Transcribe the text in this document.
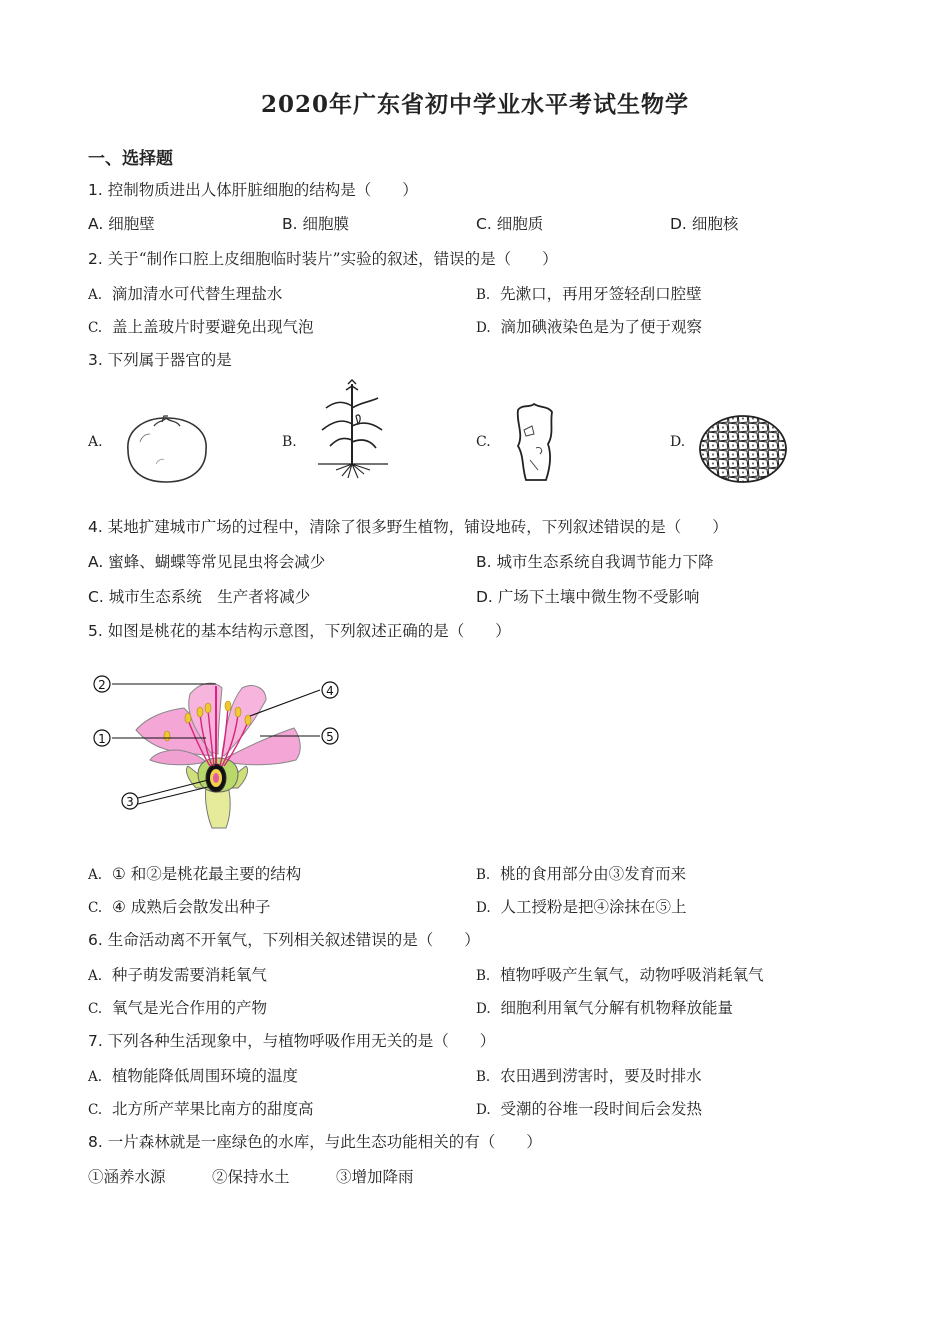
2020年广东省初中学业水平考试生物学
一、选择题
1. 控制物质进出人体肝脏细胞的结构是（　　）
A. 细胞壁	B. 细胞膜	C. 细胞质	D. 细胞核
2. 关于“制作口腔上皮细胞临时装片”实验的叙述，错误的是（　　）
A. 滴加清水可代替生理盐水	B. 先漱口，再用牙签轻刮口腔壁
C. 盖上盖玻片时要避免出现气泡	D. 滴加碘液染色是为了便于观察
3. 下列属于器官的是
A.	B.	C.	D.
4. 某地扩建城市广场的过程中，清除了很多野生植物，铺设地砖，下列叙述错误的是（　　）
A. 蜜蜂、蝴蝶等常见昆虫将会减少	B. 城市生态系统自我调节能力下降
C. 城市生态系统　生产者将减少	D. 广场下土壤中微生物不受影响
5. 如图是桃花的基本结构示意图，下列叙述正确的是（　　）
2
1
3
4
5
A. ① 和②是桃花最主要的结构	B. 桃的食用部分由③发育而来
C. ④ 成熟后会散发出种子	D. 人工授粉是把④涂抹在⑤上
6. 生命活动离不开氧气，下列相关叙述错误的是（　　）
A. 种子萌发需要消耗氧气	B. 植物呼吸产生氧气，动物呼吸消耗氧气
C. 氧气是光合作用的产物	D. 细胞利用氧气分解有机物释放能量
7. 下列各种生活现象中，与植物呼吸作用无关的是（　　）
A. 植物能降低周围环境的温度	B. 农田遇到涝害时，要及时排水
C. 北方所产苹果比南方的甜度高	D. 受潮的谷堆一段时间后会发热
8. 一片森林就是一座绿色的水库，与此生态功能相关的有（　　）
①涵养水源	②保持水土	③增加降雨
